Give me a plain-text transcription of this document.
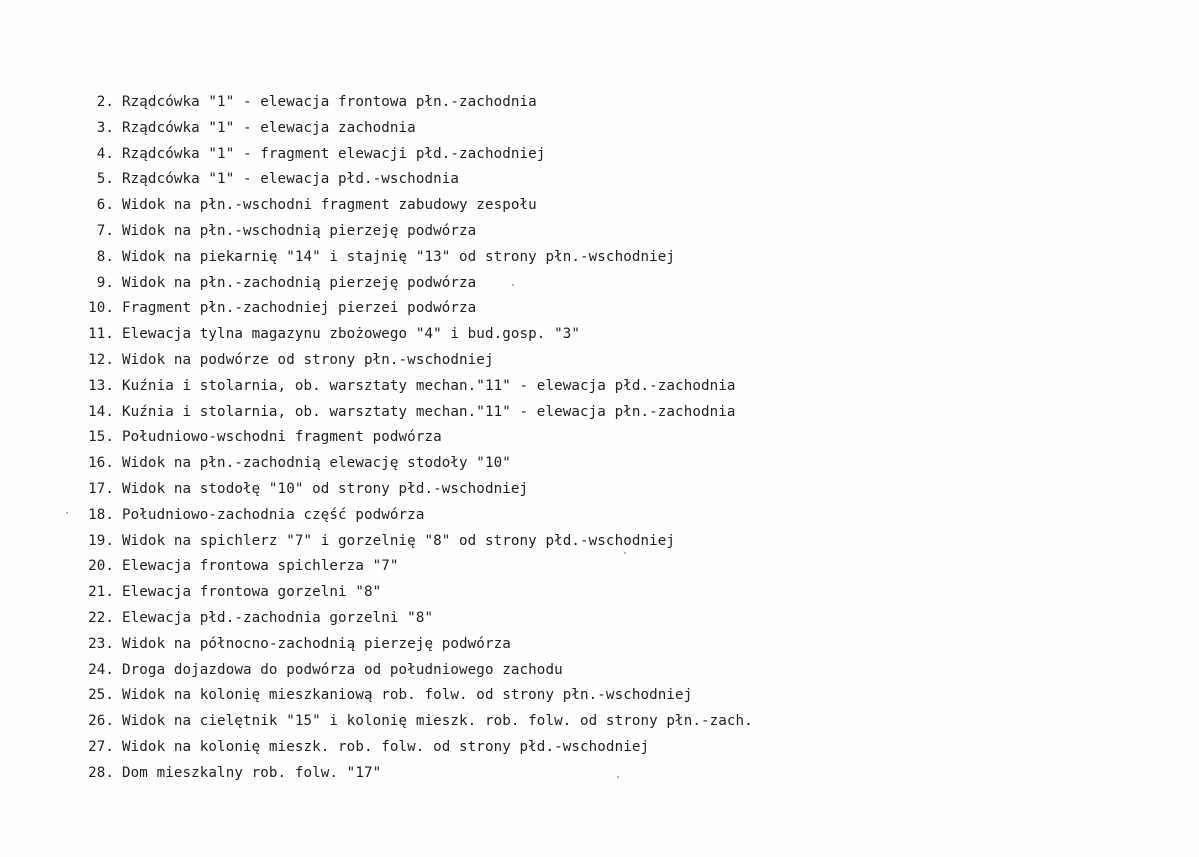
2. Rządcówka "1" - elewacja frontowa płn.-zachodnia
3. Rządcówka "1" - elewacja zachodnia
4. Rządcówka "1" - fragment elewacji płd.-zachodniej
5. Rządcówka "1" - elewacja płd.-wschodnia
6. Widok na płn.-wschodni fragment zabudowy zespołu
7. Widok na płn.-wschodnią pierzeję podwórza
8. Widok na piekarnię "14" i stajnię "13" od strony płn.-wschodniej
9. Widok na płn.-zachodnią pierzeję podwórza
10. Fragment płn.-zachodniej pierzei podwórza
11. Elewacja tylna magazynu zbożowego "4" i bud.gosp. "3"
12. Widok na podwórze od strony płn.-wschodniej
13. Kuźnia i stolarnia, ob. warsztaty mechan."11" - elewacja płd.-zachodnia
14. Kuźnia i stolarnia, ob. warsztaty mechan."11" - elewacja płn.-zachodnia
15. Południowo-wschodni fragment podwórza
16. Widok na płn.-zachodnią elewację stodoły "10"
17. Widok na stodołę "10" od strony płd.-wschodniej
18. Południowo-zachodnia część podwórza
19. Widok na spichlerz "7" i gorzelnię "8" od strony płd.-wschodniej
20. Elewacja frontowa spichlerza "7"
21. Elewacja frontowa gorzelni "8"
22. Elewacja płd.-zachodnia gorzelni "8"
23. Widok na północno-zachodnią pierzeję podwórza
24. Droga dojazdowa do podwórza od południowego zachodu
25. Widok na kolonię mieszkaniową rob. folw. od strony płn.-wschodniej
26. Widok na cielętnik "15" i kolonię mieszk. rob. folw. od strony płn.-zach.
27. Widok na kolonię mieszk. rob. folw. od strony płd.-wschodniej
28. Dom mieszkalny rob. folw. "17"
